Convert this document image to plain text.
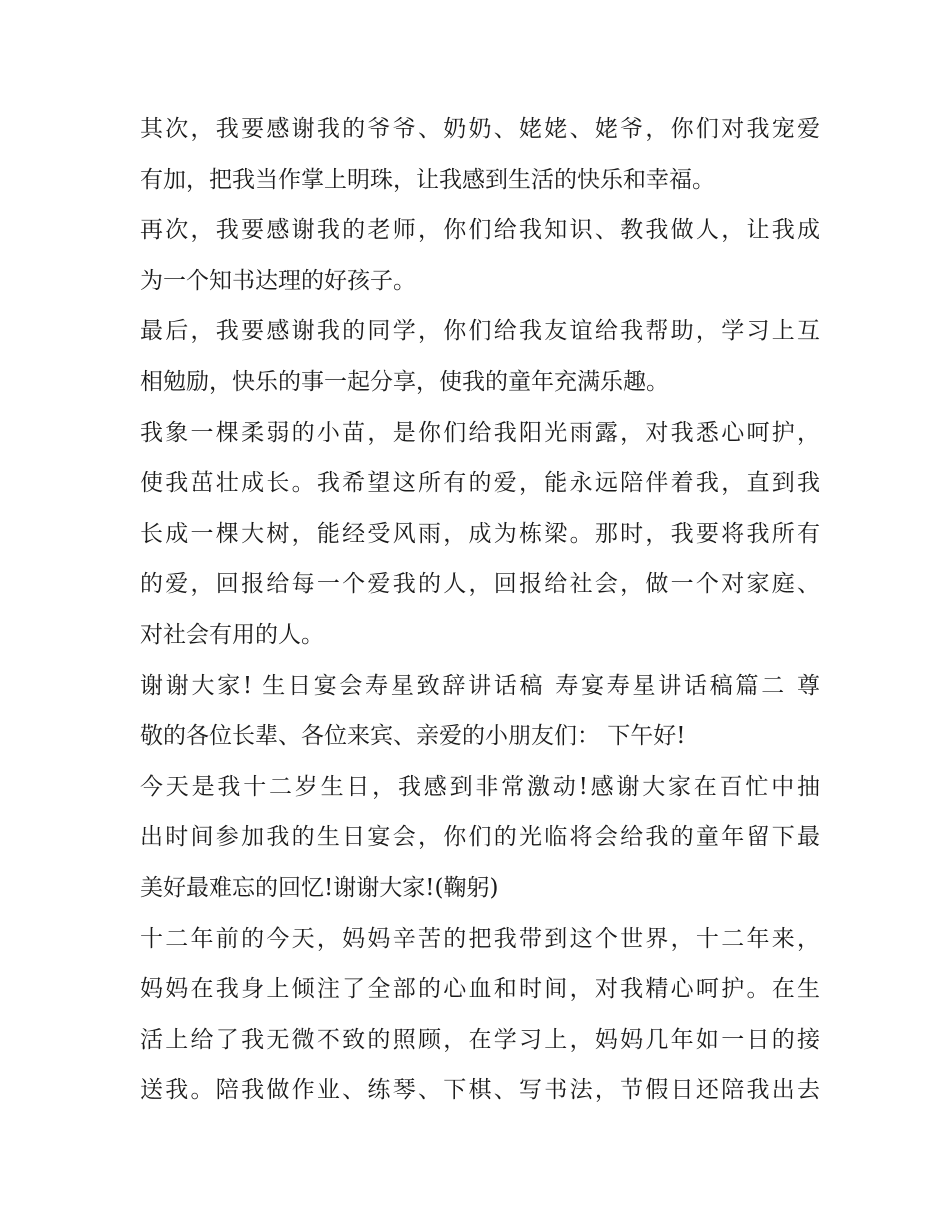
其次，我要感谢我的爷爷、奶奶、姥姥、姥爷，你们对我宠爱
有加，把我当作掌上明珠，让我感到生活的快乐和幸福。
再次，我要感谢我的老师，你们给我知识、教我做人，让我成
为一个知书达理的好孩子。
最后，我要感谢我的同学，你们给我友谊给我帮助，学习上互
相勉励，快乐的事一起分享，使我的童年充满乐趣。
我象一棵柔弱的小苗，是你们给我阳光雨露，对我悉心呵护，
使我茁壮成长。我希望这所有的爱，能永远陪伴着我，直到我
长成一棵大树，能经受风雨，成为栋梁。那时，我要将我所有
的爱，回报给每一个爱我的人，回报给社会，做一个对家庭、
对社会有用的人。
谢谢大家! 生日宴会寿星致辞讲话稿 寿宴寿星讲话稿篇二 尊
敬的各位长辈、各位来宾、亲爱的小朋友们： 下午好!
今天是我十二岁生日，我感到非常激动!感谢大家在百忙中抽
出时间参加我的生日宴会，你们的光临将会给我的童年留下最
美好最难忘的回忆!谢谢大家!(鞠躬)
十二年前的今天，妈妈辛苦的把我带到这个世界，十二年来，
妈妈在我身上倾注了全部的心血和时间，对我精心呵护。在生
活上给了我无微不致的照顾，在学习上，妈妈几年如一日的接
送我。陪我做作业、练琴、下棋、写书法，节假日还陪我出去
